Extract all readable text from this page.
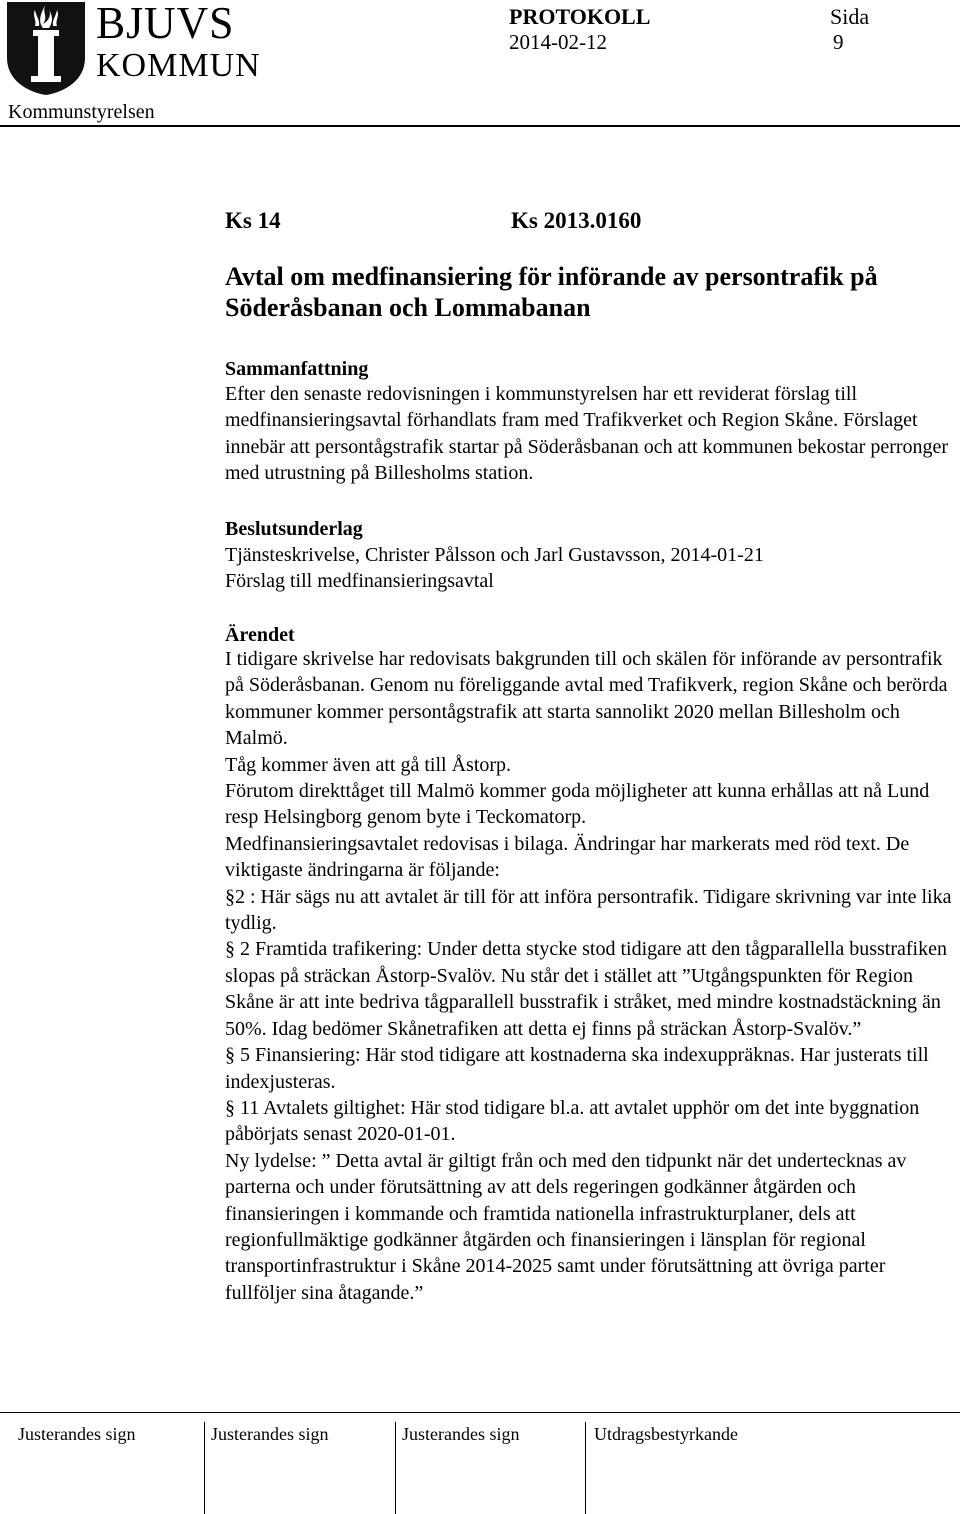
BJUVS
KOMMUN
PROTOKOLL
2014-02-12
Sida
9
Kommunstyrelsen
Ks 14	Ks 2013.0160
Avtal om medfinansiering för införande av persontrafik på Söderåsbanan och Lommabanan
Sammanfattning

Efter den senaste redovisningen i kommunstyrelsen har ett reviderat förslag till medfinansieringsavtal förhandlats fram med Trafikverket och Region Skåne. Förslaget innebär att persontågstrafik startar på Söderåsbanan och att kommunen bekostar perronger med utrustning på Billesholms station.

Beslutsunderlag

Tjänsteskrivelse, Christer Pålsson och Jarl Gustavsson, 2014-01-21

Förslag till medfinansieringsavtal

Ärendet

I tidigare skrivelse har redovisats bakgrunden till och skälen för införande av persontrafik på Söderåsbanan. Genom nu föreliggande avtal med Trafikverk, region Skåne och berörda kommuner kommer persontågstrafik att starta sannolikt 2020 mellan Billesholm och Malmö.

Tåg kommer även att gå till Åstorp.

Förutom direkttåget till Malmö kommer goda möjligheter att kunna erhållas att nå Lund resp Helsingborg genom byte i Teckomatorp.

Medfinansieringsavtalet redovisas i bilaga. Ändringar har markerats med röd text. De viktigaste ändringarna är följande:

§2 : Här sägs nu att avtalet är till för att införa persontrafik. Tidigare skrivning var inte lika tydlig.

§ 2 Framtida trafikering: Under detta stycke stod tidigare att den tågparallella busstrafiken slopas på sträckan Åstorp-Svalöv. Nu står det i stället att ”Utgångspunkten för Region Skåne är att inte bedriva tågparallell busstrafik i stråket, med mindre kostnadstäckning än 50%. Idag bedömer Skånetrafiken att detta ej finns på sträckan Åstorp-Svalöv.”

§ 5 Finansiering: Här stod tidigare att kostnaderna ska indexuppräknas. Har justerats till indexjusteras.

§ 11 Avtalets giltighet: Här stod tidigare bl.a. att avtalet upphör om det inte byggnation påbörjats senast 2020-01-01.

Ny lydelse: ” Detta avtal är giltigt från och med den tidpunkt när det undertecknas av parterna och under förutsättning av att dels regeringen godkänner åtgärden och finansieringen i kommande och framtida nationella infrastrukturplaner, dels att regionfullmäktige godkänner åtgärden och finansieringen i länsplan för regional transportinfrastruktur i Skåne 2014-2025 samt under förutsättning att övriga parter fullföljer sina åtagande.”

Justerandes sign	Justerandes sign	Justerandes sign	Utdragsbestyrkande
